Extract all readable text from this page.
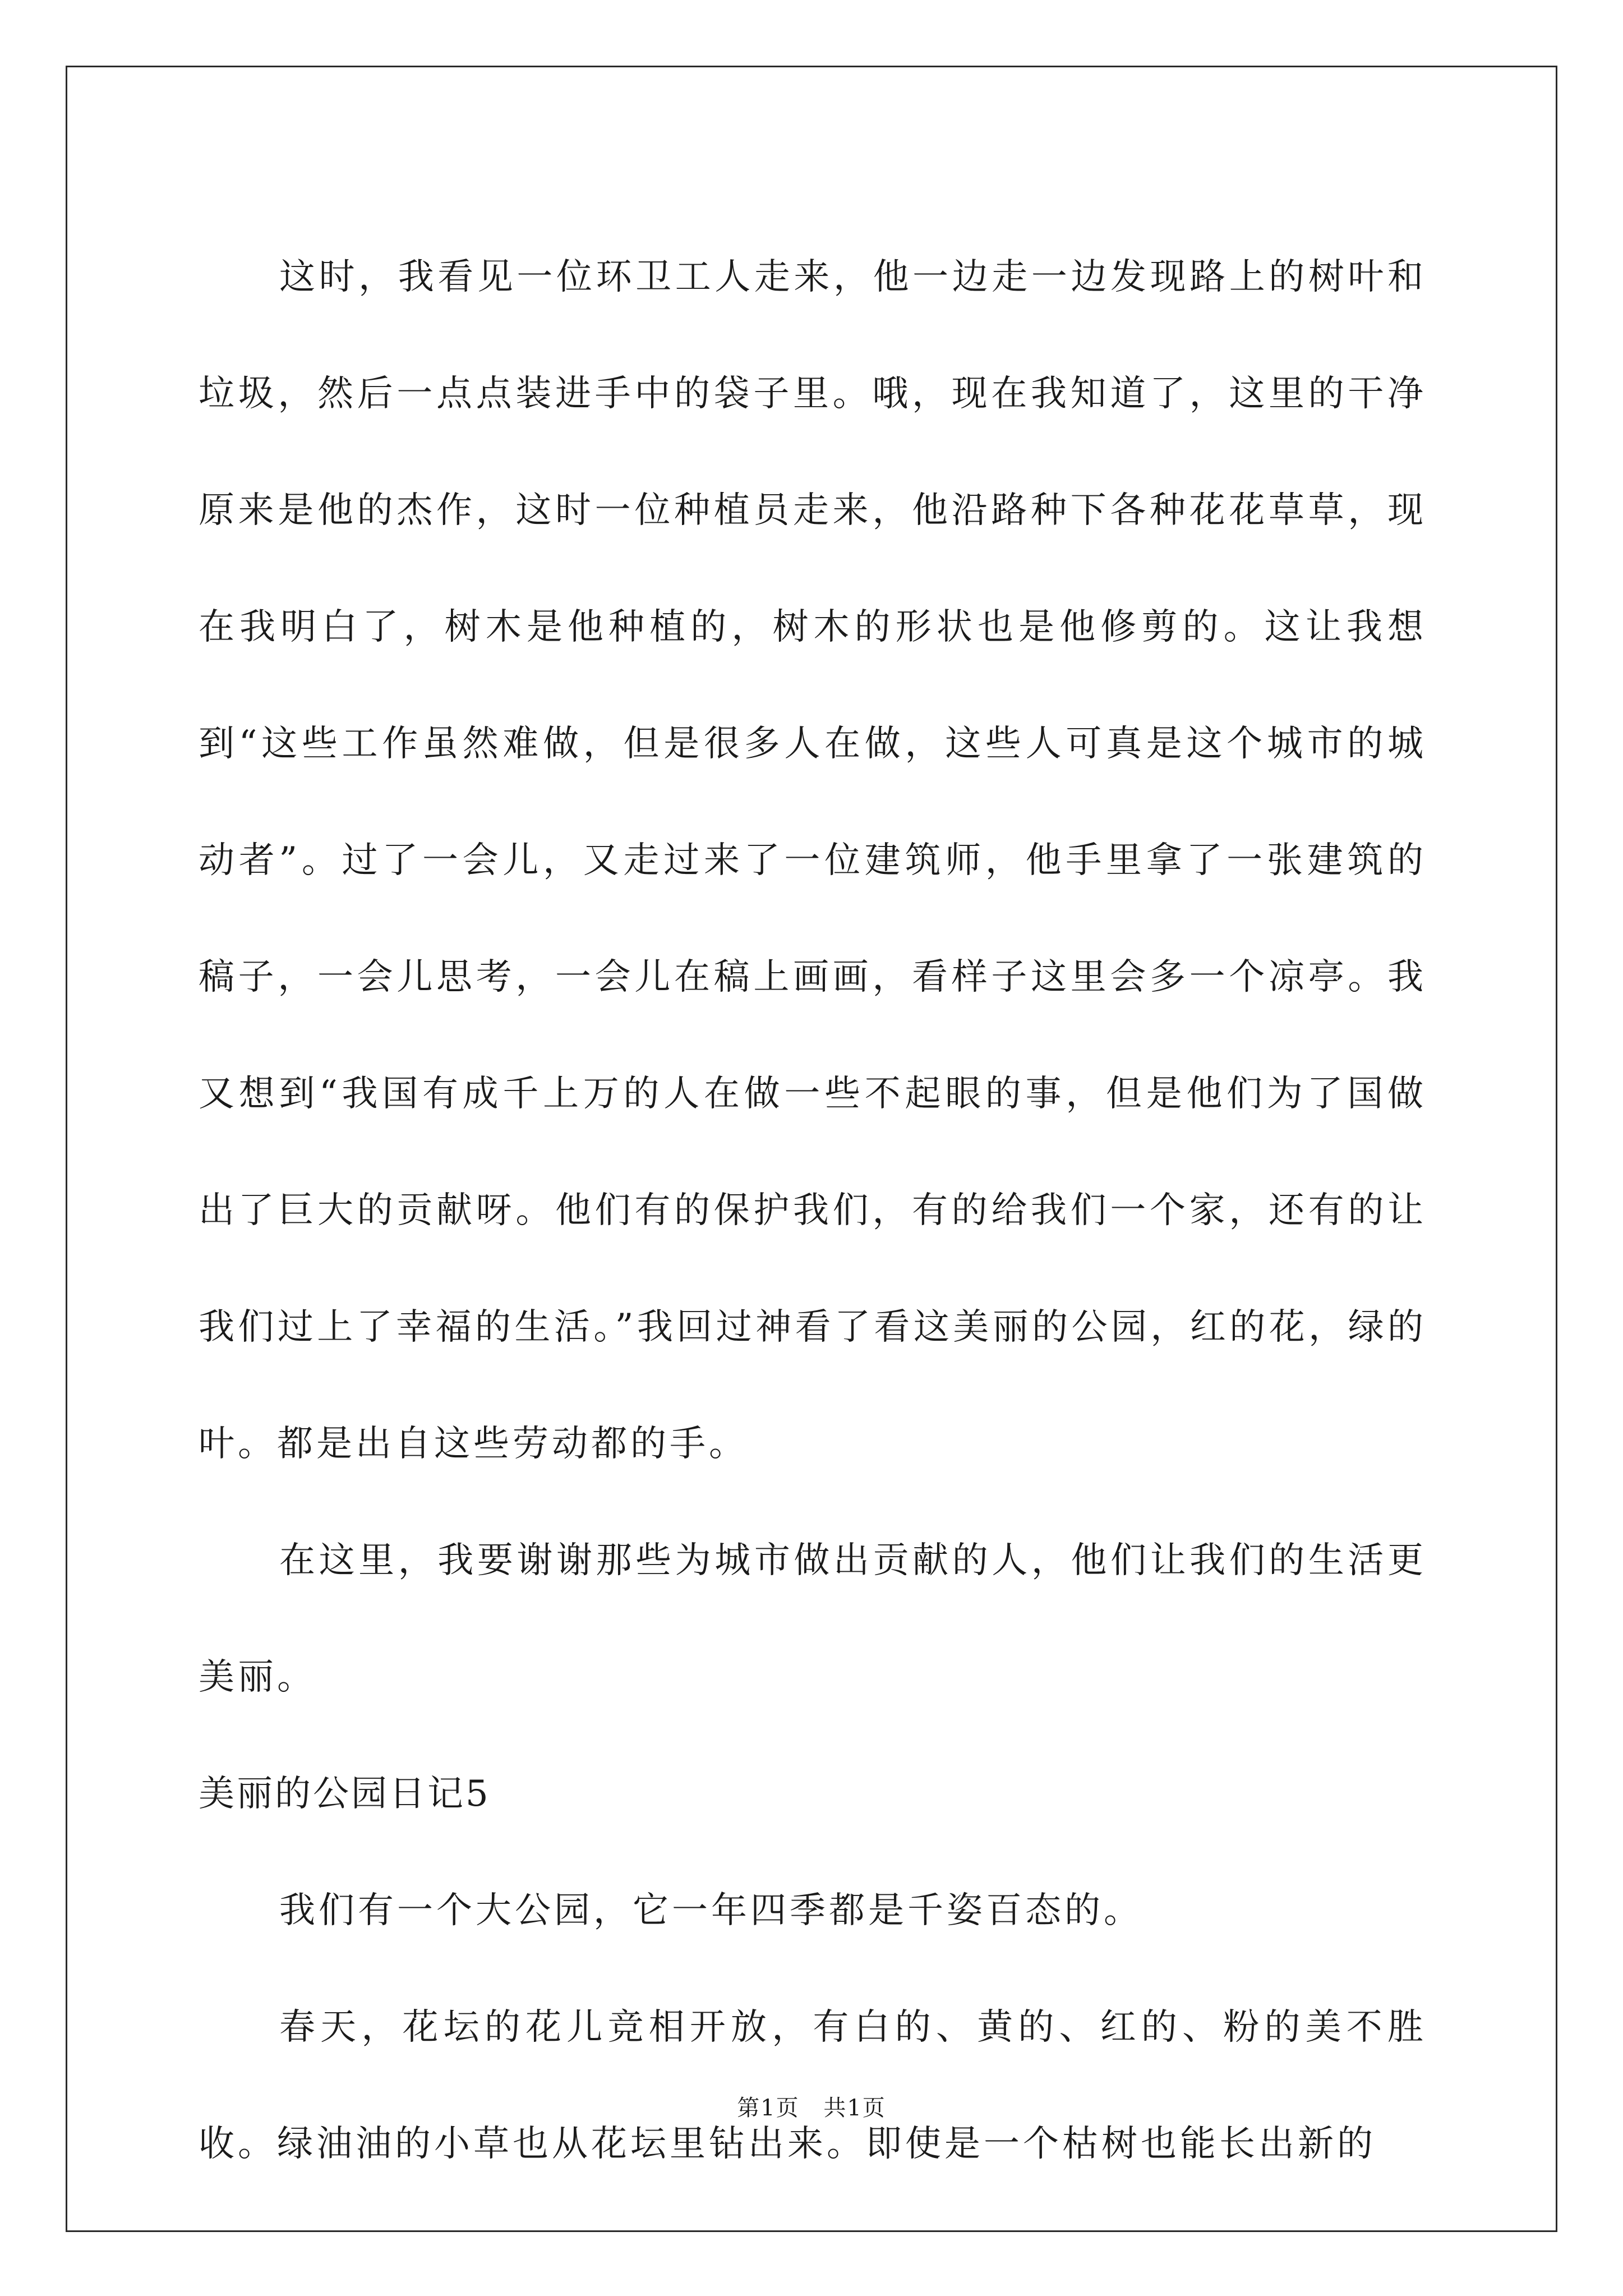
这时，我看见一位环卫工人走来，他一边走一边发现路上的树叶和垃圾，然后一点点装进手中的袋子里。哦，现在我知道了，这里的干净原来是他的杰作，这时一位种植员走来，他沿路种下各种花花草草，现在我明白了，树木是他种植的，树木的形状也是他修剪的。这让我想到“这些工作虽然难做，但是很多人在做，这些人可真是这个城市的城动者”。过了一会儿，又走过来了一位建筑师，他手里拿了一张建筑的稿子，一会儿思考，一会儿在稿上画画，看样子这里会多一个凉亭。我又想到“我国有成千上万的人在做一些不起眼的事，但是他们为了国做出了巨大的贡献呀。他们有的保护我们，有的给我们一个家，还有的让我们过上了幸福的生活。”我回过神看了看这美丽的公园，红的花，绿的叶。都是出自这些劳动都的手。

在这里，我要谢谢那些为城市做出贡献的人，他们让我们的生活更美丽。

美丽的公园日记5

我们有一个大公园，它一年四季都是千姿百态的。

春天，花坛的花儿竞相开放，有白的、黄的、红的、粉的美不胜收。绿油油的小草也从花坛里钻出来。即使是一个枯树也能长出新的

第1页 共1页
